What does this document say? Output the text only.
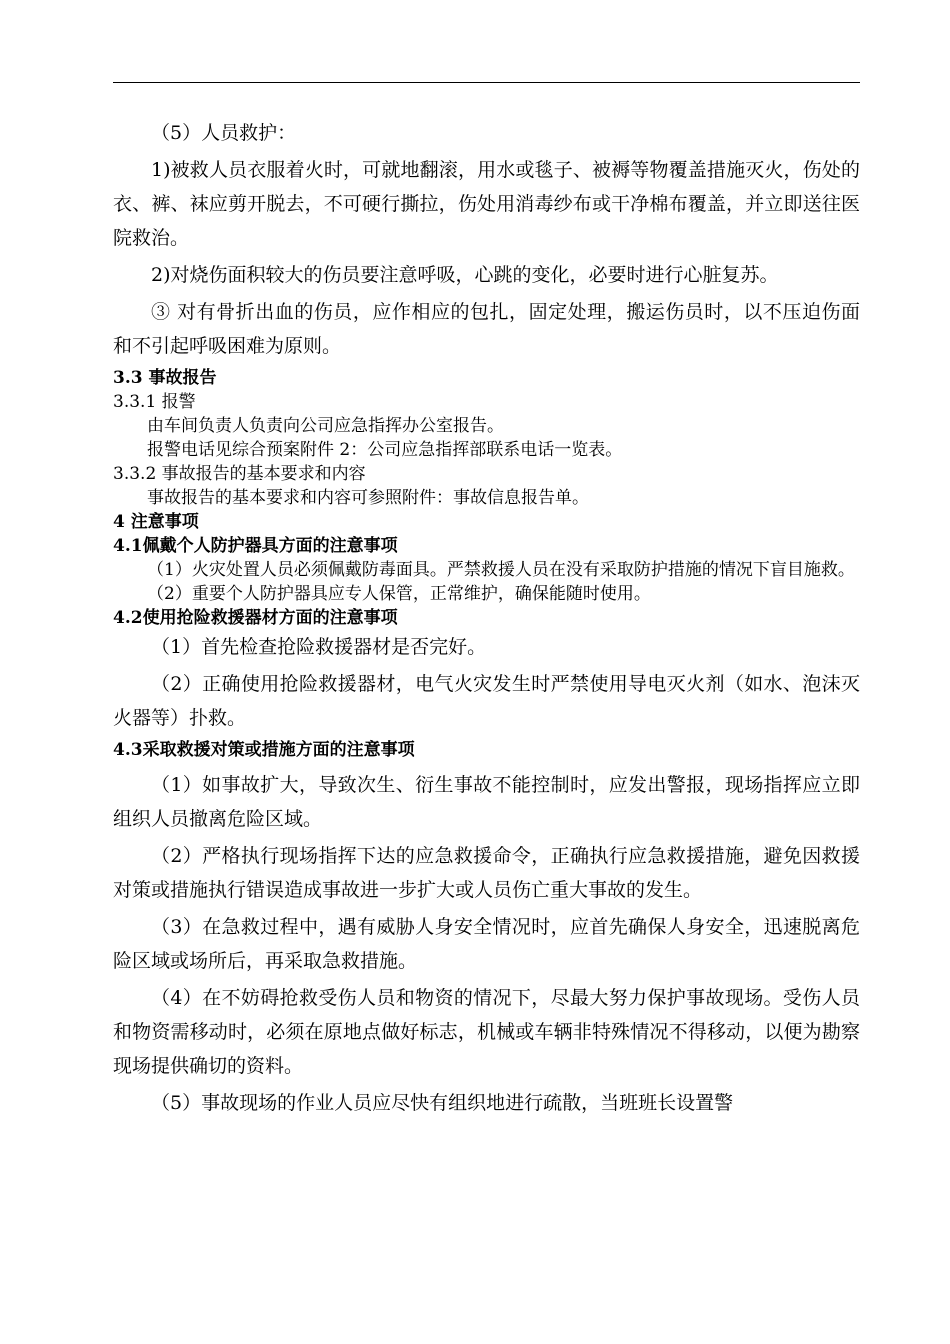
（5）人员救护：

1)被救人员衣服着火时，可就地翻滚，用水或毯子、被褥等物覆盖措施灭火，伤处的衣、裤、袜应剪开脱去，不可硬行撕拉，伤处用消毒纱布或干净棉布覆盖，并立即送往医院救治。

2)对烧伤面积较大的伤员要注意呼吸，心跳的变化，必要时进行心脏复苏。

③ 对有骨折出血的伤员，应作相应的包扎，固定处理，搬运伤员时，以不压迫伤面和不引起呼吸困难为原则。

3.3 事故报告

3.3.1 报警

由车间负责人负责向公司应急指挥办公室报告。

报警电话见综合预案附件 2：公司应急指挥部联系电话一览表。

3.3.2 事故报告的基本要求和内容

事故报告的基本要求和内容可参照附件：事故信息报告单。

4 注意事项

4.1佩戴个人防护器具方面的注意事项

（1）火灾处置人员必须佩戴防毒面具。严禁救援人员在没有采取防护措施的情况下盲目施救。

（2）重要个人防护器具应专人保管，正常维护，确保能随时使用。

4.2使用抢险救援器材方面的注意事项

（1）首先检查抢险救援器材是否完好。

（2）正确使用抢险救援器材，电气火灾发生时严禁使用导电灭火剂（如水、泡沫灭火器等）扑救。

4.3采取救援对策或措施方面的注意事项

（1）如事故扩大，导致次生、衍生事故不能控制时，应发出警报，现场指挥应立即组织人员撤离危险区域。

（2）严格执行现场指挥下达的应急救援命令，正确执行应急救援措施，避免因救援对策或措施执行错误造成事故进一步扩大或人员伤亡重大事故的发生。

（3）在急救过程中，遇有威胁人身安全情况时，应首先确保人身安全，迅速脱离危险区域或场所后，再采取急救措施。

（4）在不妨碍抢救受伤人员和物资的情况下，尽最大努力保护事故现场。受伤人员和物资需移动时，必须在原地点做好标志，机械或车辆非特殊情况不得移动，以便为勘察现场提供确切的资料。

（5）事故现场的作业人员应尽快有组织地进行疏散，当班班长设置警
